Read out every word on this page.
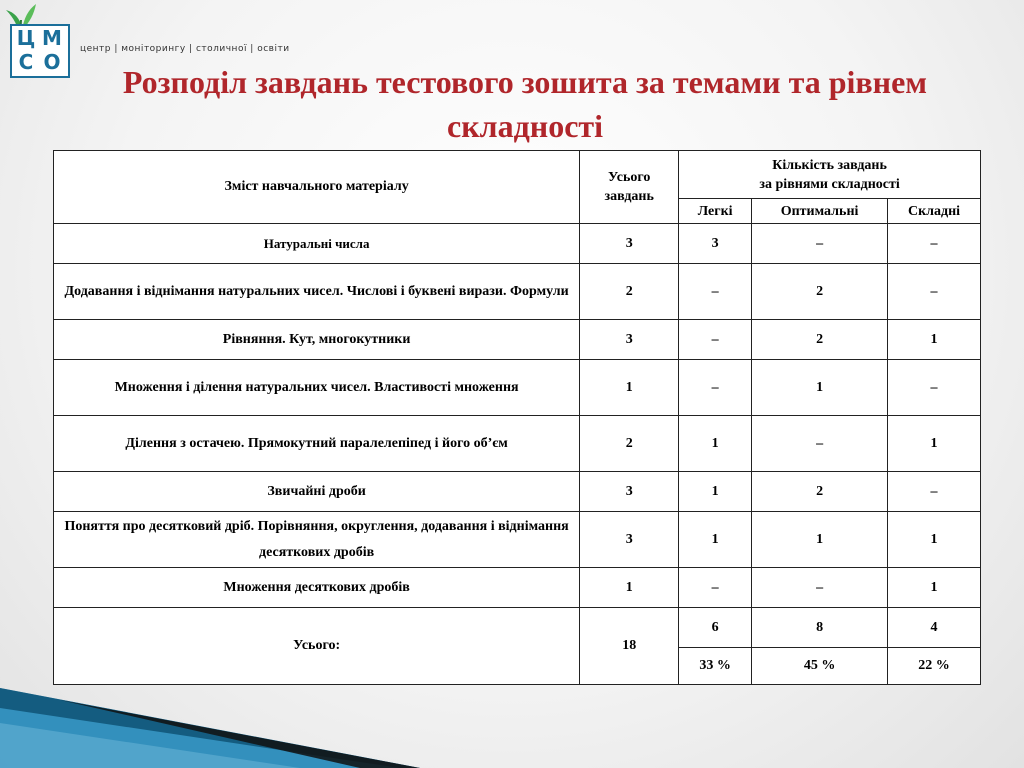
Ц М
С О
центр | моніторингу | столичної | освіти
Розподіл завдань тестового зошита за темами та рівнем складності
Зміст навчального матеріалу	Усього завдань	Кількість завдань
за рівнями складності		

		Легкі	Оптимальні	Складні
Натуральні числа	3	3	–	–
Додавання і віднімання натуральних чисел. Числові і буквені вирази. Формули	2	–	2	–
Рівняння. Кут, многокутники	3	–	2	1
Множення і ділення натуральних чисел. Властивості множення	1	–	1	–
Ділення з остачею. Прямокутний паралелепіпед і його об’єм	2	1	–	1
Звичайні дроби	3	1	2	–
Поняття про десятковий дріб. Порівняння, округлення, додавання і віднімання десяткових дробів	3	1	1	1
Множення десяткових дробів	1	–	–	1
Усього:	18	6	8	4
		33 %	45 %	22 %
